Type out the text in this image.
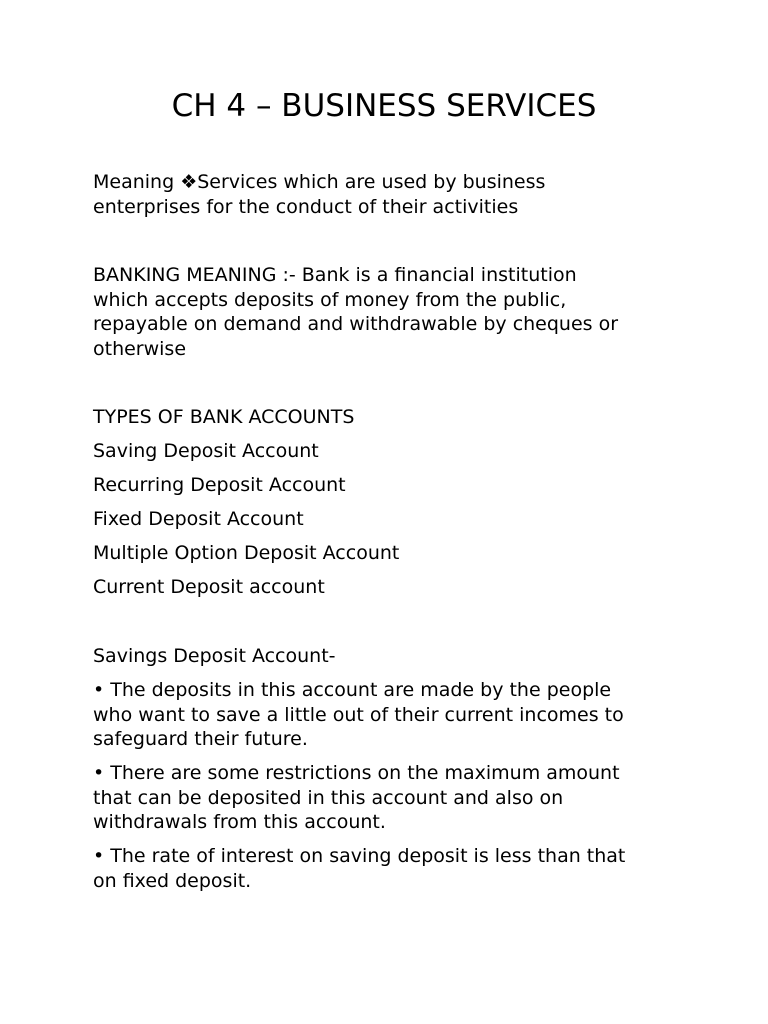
CH 4 – BUSINESS SERVICES
Meaning ❖Services which are used by business
enterprises for the conduct of their activities
BANKING MEANING :- Bank is a financial institution
which accepts deposits of money from the public,
repayable on demand and withdrawable by cheques or
otherwise
TYPES OF BANK ACCOUNTS
Saving Deposit Account
Recurring Deposit Account
Fixed Deposit Account
Multiple Option Deposit Account
Current Deposit account
Savings Deposit Account-
• The deposits in this account are made by the people
who want to save a little out of their current incomes to
safeguard their future.
• There are some restrictions on the maximum amount
that can be deposited in this account and also on
withdrawals from this account.
• The rate of interest on saving deposit is less than that
on fixed deposit.
